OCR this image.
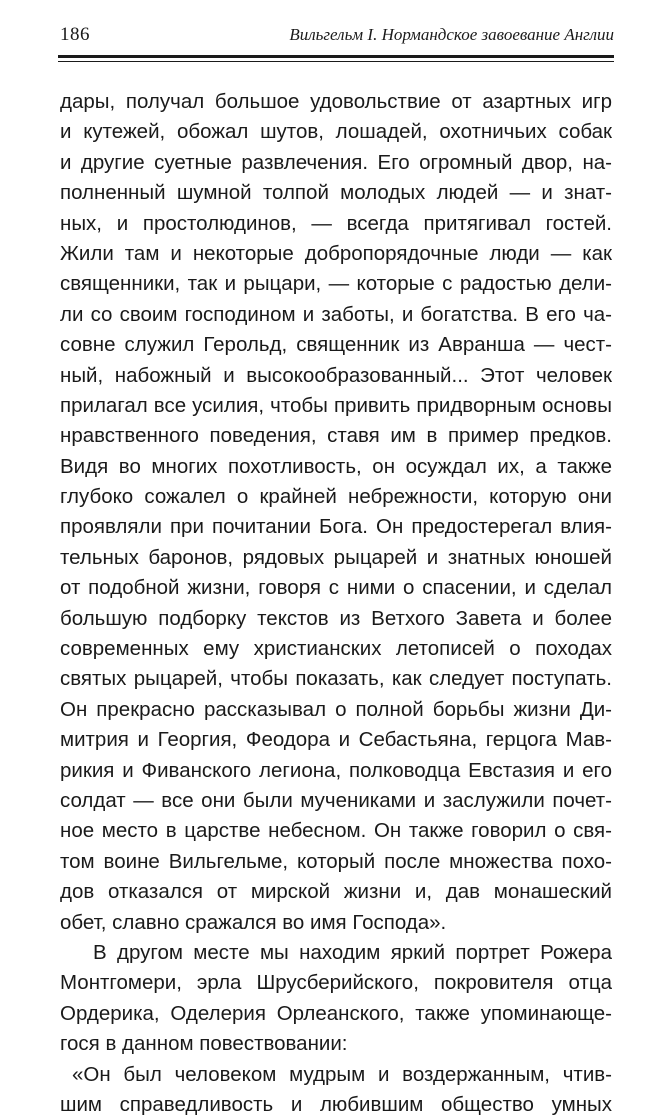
186	Вильгельм I. Нормандское завоевание Англии
дары, получал большое удовольствие от азартных игр
и кутежей, обожал шутов, лошадей, охотничьих собак
и другие суетные развлечения. Его огромный двор, на-
полненный шумной толпой молодых людей — и знат-
ных, и простолюдинов, — всегда притягивал гостей.
Жили там и некоторые добропорядочные люди — как
священники, так и рыцари, — которые с радостью дели-
ли со своим господином и заботы, и богатства. В его ча-
совне служил Герольд, священник из Авранша — чест-
ный, набожный и высокообразованный... Этот человек
прилагал все усилия, чтобы привить придворным основы
нравственного поведения, ставя им в пример предков.
Видя во многих похотливость, он осуждал их, а также
глубоко сожалел о крайней небрежности, которую они
проявляли при почитании Бога. Он предостерегал влия-
тельных баронов, рядовых рыцарей и знатных юношей
от подобной жизни, говоря с ними о спасении, и сделал
большую подборку текстов из Ветхого Завета и более
современных ему христианских летописей о походах
святых рыцарей, чтобы показать, как следует поступать.
Он прекрасно рассказывал о полной борьбы жизни Ди-
митрия и Георгия, Феодора и Себастьяна, герцога Мав-
рикия и Фиванского легиона, полководца Евстазия и его
солдат — все они были мучениками и заслужили почет-
ное место в царстве небесном. Он также говорил о свя-
том воине Вильгельме, который после множества похо-
дов отказался от мирской жизни и, дав монашеский
обет, славно сражался во имя Господа».
В другом месте мы находим яркий портрет Рожера
Монтгомери, эрла Шрусберийского, покровителя отца
Ордерика, Оделерия Орлеанского, также упоминающе-
гося в данном повествовании:
«Он был человеком мудрым и воздержанным, чтив-
шим справедливость и любившим общество умных
